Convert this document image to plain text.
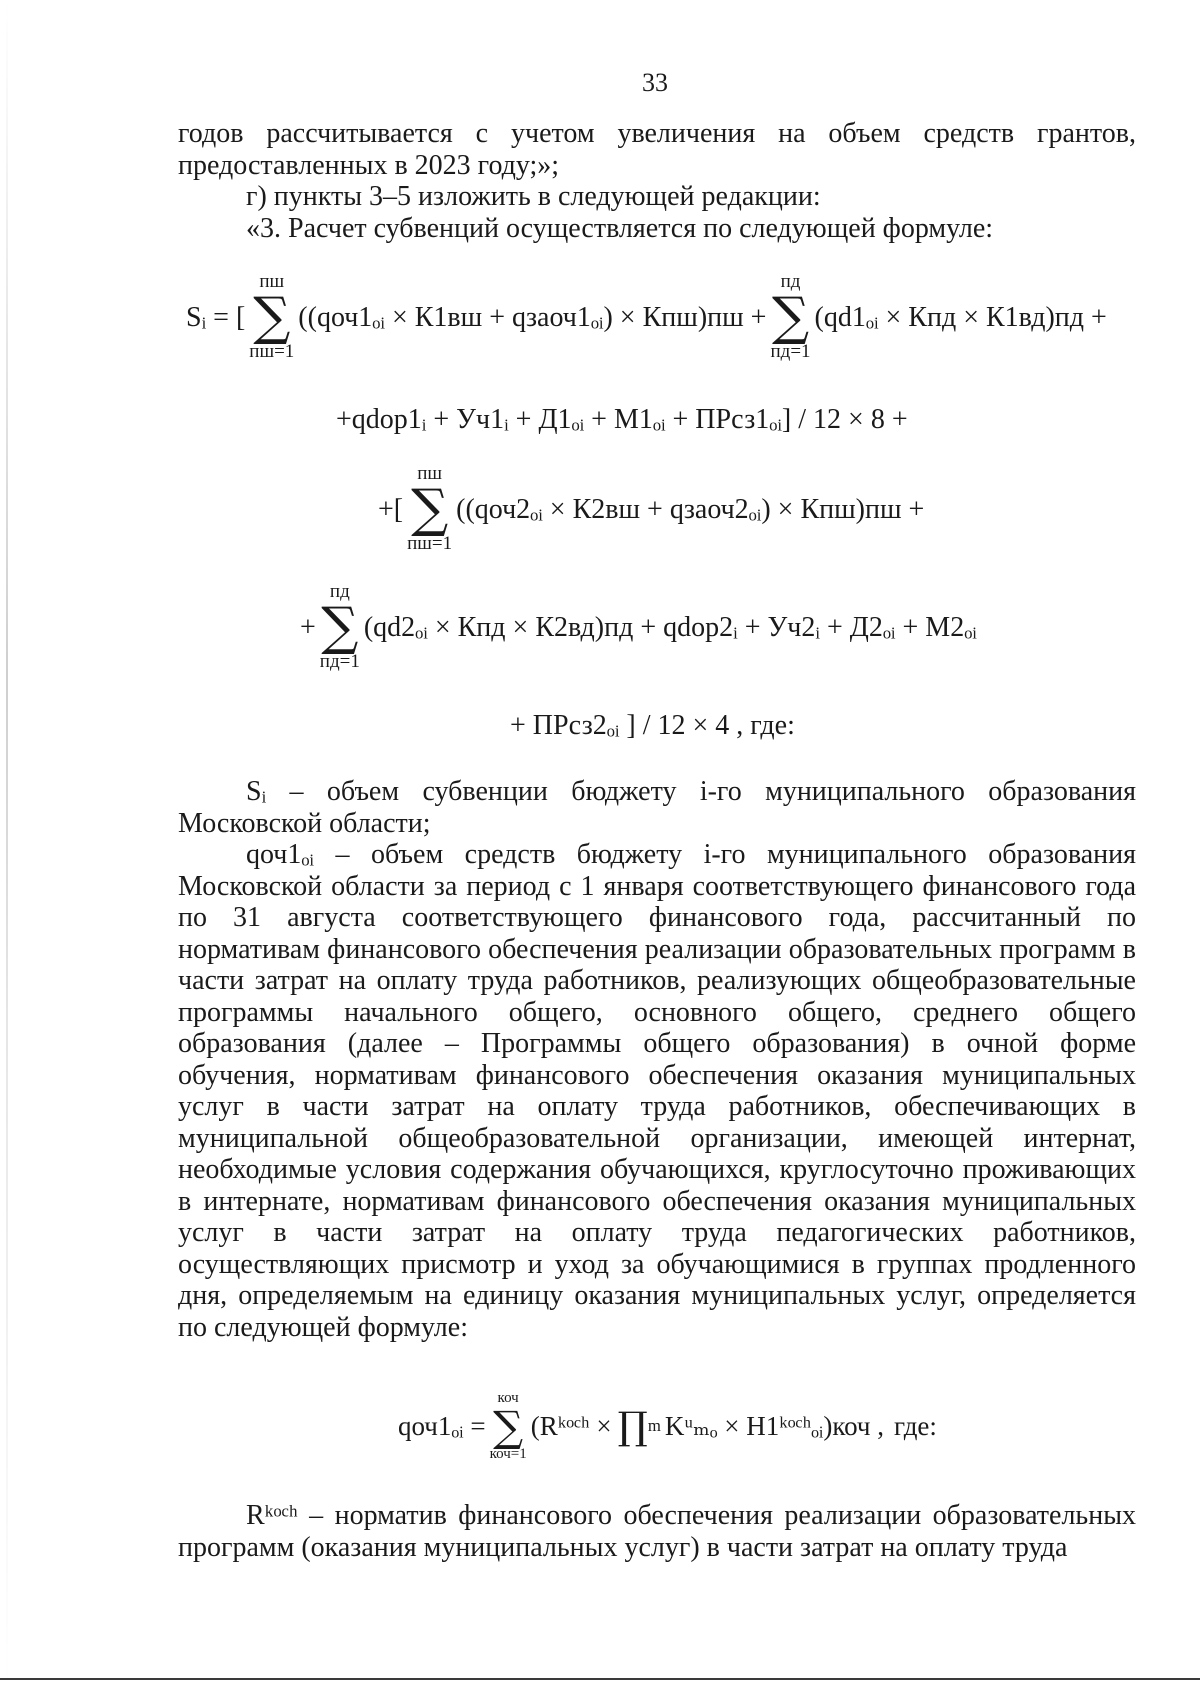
33

годов рассчитывается с учетом увеличения на объем средств грантов, предоставленных в 2023 году;»;

г) пункты 3–5 изложить в следующей редакции:

«3. Расчет субвенций осуществляется по следующей формуле:

Sᵢ = [
пш
∑
пш=1
((qоч1ₒᵢ × К1вш + qзаоч1ₒᵢ) × Кпш)пш +
пд
∑
пд=1
(qd1ₒᵢ × Кпд × К1вд)пд +
+qdop1ᵢ + Уч1ᵢ + Д1ₒᵢ + М1ₒᵢ + ПРсз1ₒᵢ] / 12 × 8 +
+[
пш
∑
пш=1
((qоч2ₒᵢ × К2вш + qзаоч2ₒᵢ) × Кпш)пш +
+
пд
∑
пд=1
(qd2ₒᵢ × Кпд × К2вд)пд + qdop2ᵢ + Уч2ᵢ + Д2ₒᵢ + М2ₒᵢ
+ ПРсз2ₒᵢ ] / 12 × 4 , где:

Sᵢ – объем субвенции бюджету i-го муниципального образования Московской области;

qоч1ₒᵢ – объем средств бюджету i-го муниципального образования Московской области за период с 1 января соответствующего финансового года по 31 августа соответствующего финансового года, рассчитанный по нормативам финансового обеспечения реализации образовательных программ в части затрат на оплату труда работников, реализующих общеобразовательные программы начального общего, основного общего, среднего общего образования (далее – Программы общего образования) в очной форме обучения, нормативам финансового обеспечения оказания муниципальных услуг в части затрат на оплату труда работников, обеспечивающих в муниципальной общеобразовательной организации, имеющей интернат, необходимые условия содержания обучающихся, круглосуточно проживающих в интернате, нормативам финансового обеспечения оказания муниципальных услуг в части затрат на оплату труда педагогических работников, осуществляющих присмотр и уход за обучающимися в группах продленного дня, определяемым на единицу оказания муниципальных услуг, определяется по следующей формуле:

qоч1ₒᵢ =
коч
∑
коч=1
(Rᵏᵒᶜʰ × ∏ m Kᵘₘₒ × Н1ᵏᵒᶜʰₒᵢ)коч , где:

Rᵏᵒᶜʰ – норматив финансового обеспечения реализации образовательных программ (оказания муниципальных услуг) в части затрат на оплату труда
